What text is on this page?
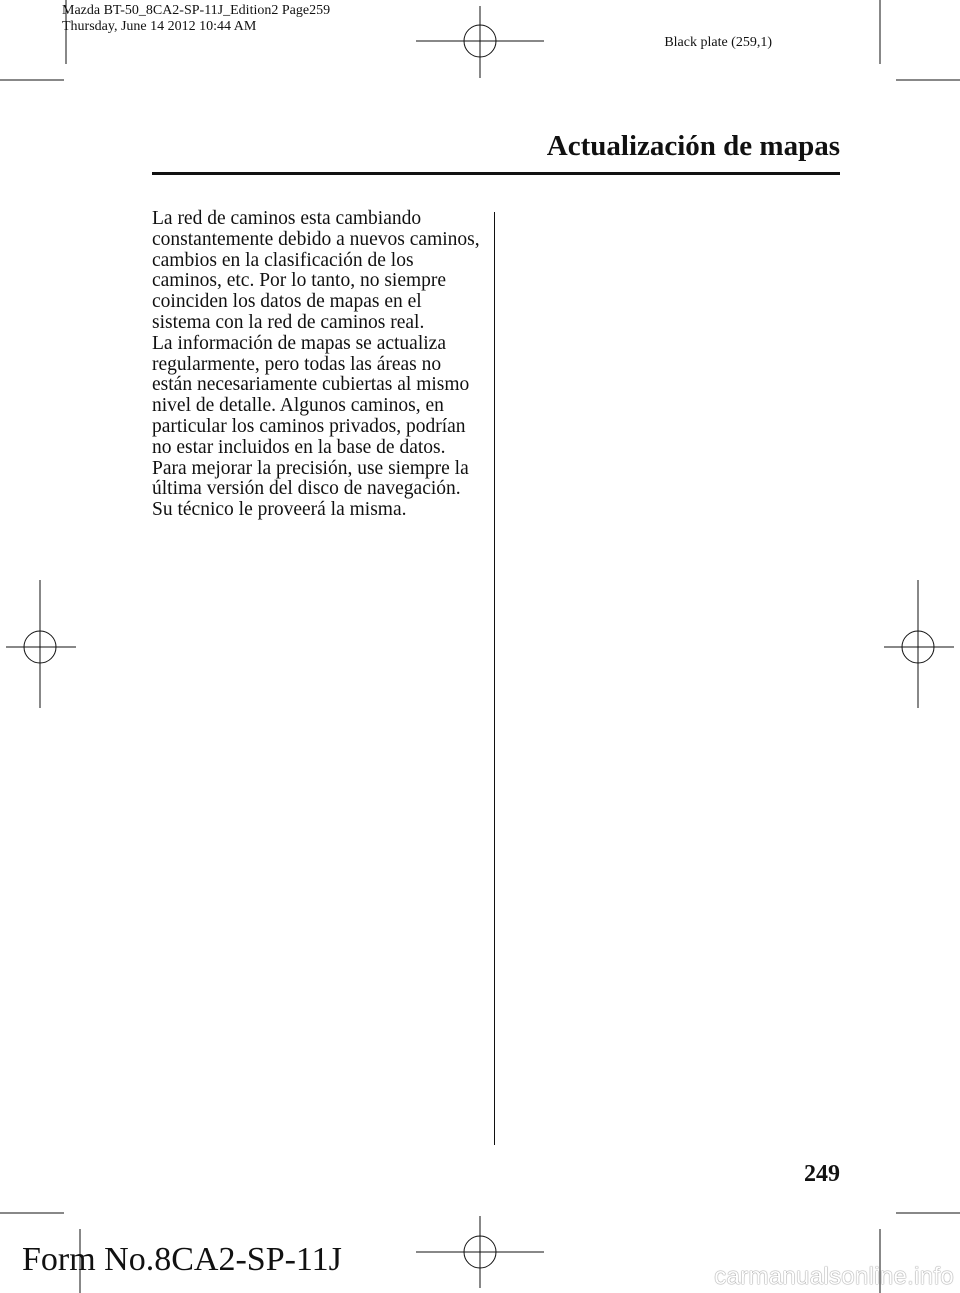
Mazda BT-50_8CA2-SP-11J_Edition2 Page259
Thursday, June 14 2012 10:44 AM
Black plate (259,1)
Actualización de mapas
La red de caminos esta cambiando
constantemente debido a nuevos caminos,
cambios en la clasificación de los
caminos, etc. Por lo tanto, no siempre
coinciden los datos de mapas en el
sistema con la red de caminos real.
La información de mapas se actualiza
regularmente, pero todas las áreas no
están necesariamente cubiertas al mismo
nivel de detalle. Algunos caminos, en
particular los caminos privados, podrían
no estar incluidos en la base de datos.
Para mejorar la precisión, use siempre la
última versión del disco de navegación.
Su técnico le proveerá la misma.
249
Form No.8CA2-SP-11J	carmanualsonline.info
